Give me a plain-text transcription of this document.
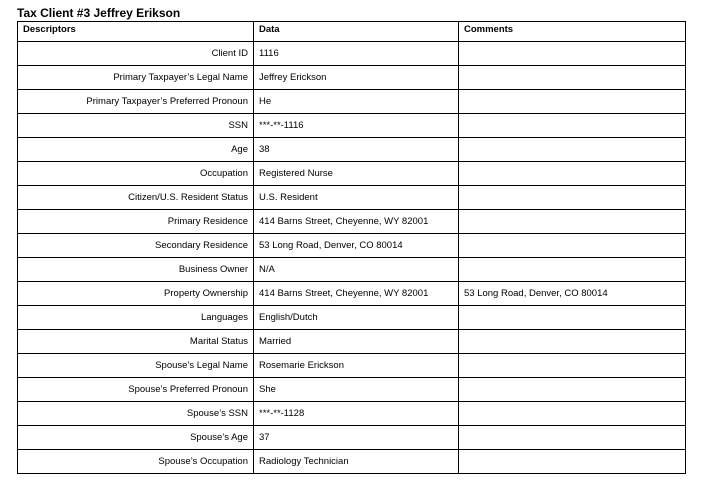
Tax Client #3 Jeffrey Erikson
Descriptors	Data	Comments
Client ID	1116	
Primary Taxpayer’s Legal Name	Jeffrey Erickson	
Primary Taxpayer’s Preferred Pronoun	He	
SSN	***-**-1116	
Age	38	
Occupation	Registered Nurse	
Citizen/U.S. Resident Status	U.S. Resident	
Primary Residence	414 Barns Street, Cheyenne, WY 82001	
Secondary Residence	53 Long Road, Denver, CO 80014	
Business Owner	N/A	
Property Ownership	414 Barns Street, Cheyenne, WY 82001	53 Long Road, Denver, CO 80014
Languages	English/Dutch	
Marital Status	Married	
Spouse’s Legal Name	Rosemarie Erickson	
Spouse’s Preferred Pronoun	She	
Spouse’s SSN	***-**-1128	
Spouse’s Age	37	
Spouse’s Occupation	Radiology Technician	
